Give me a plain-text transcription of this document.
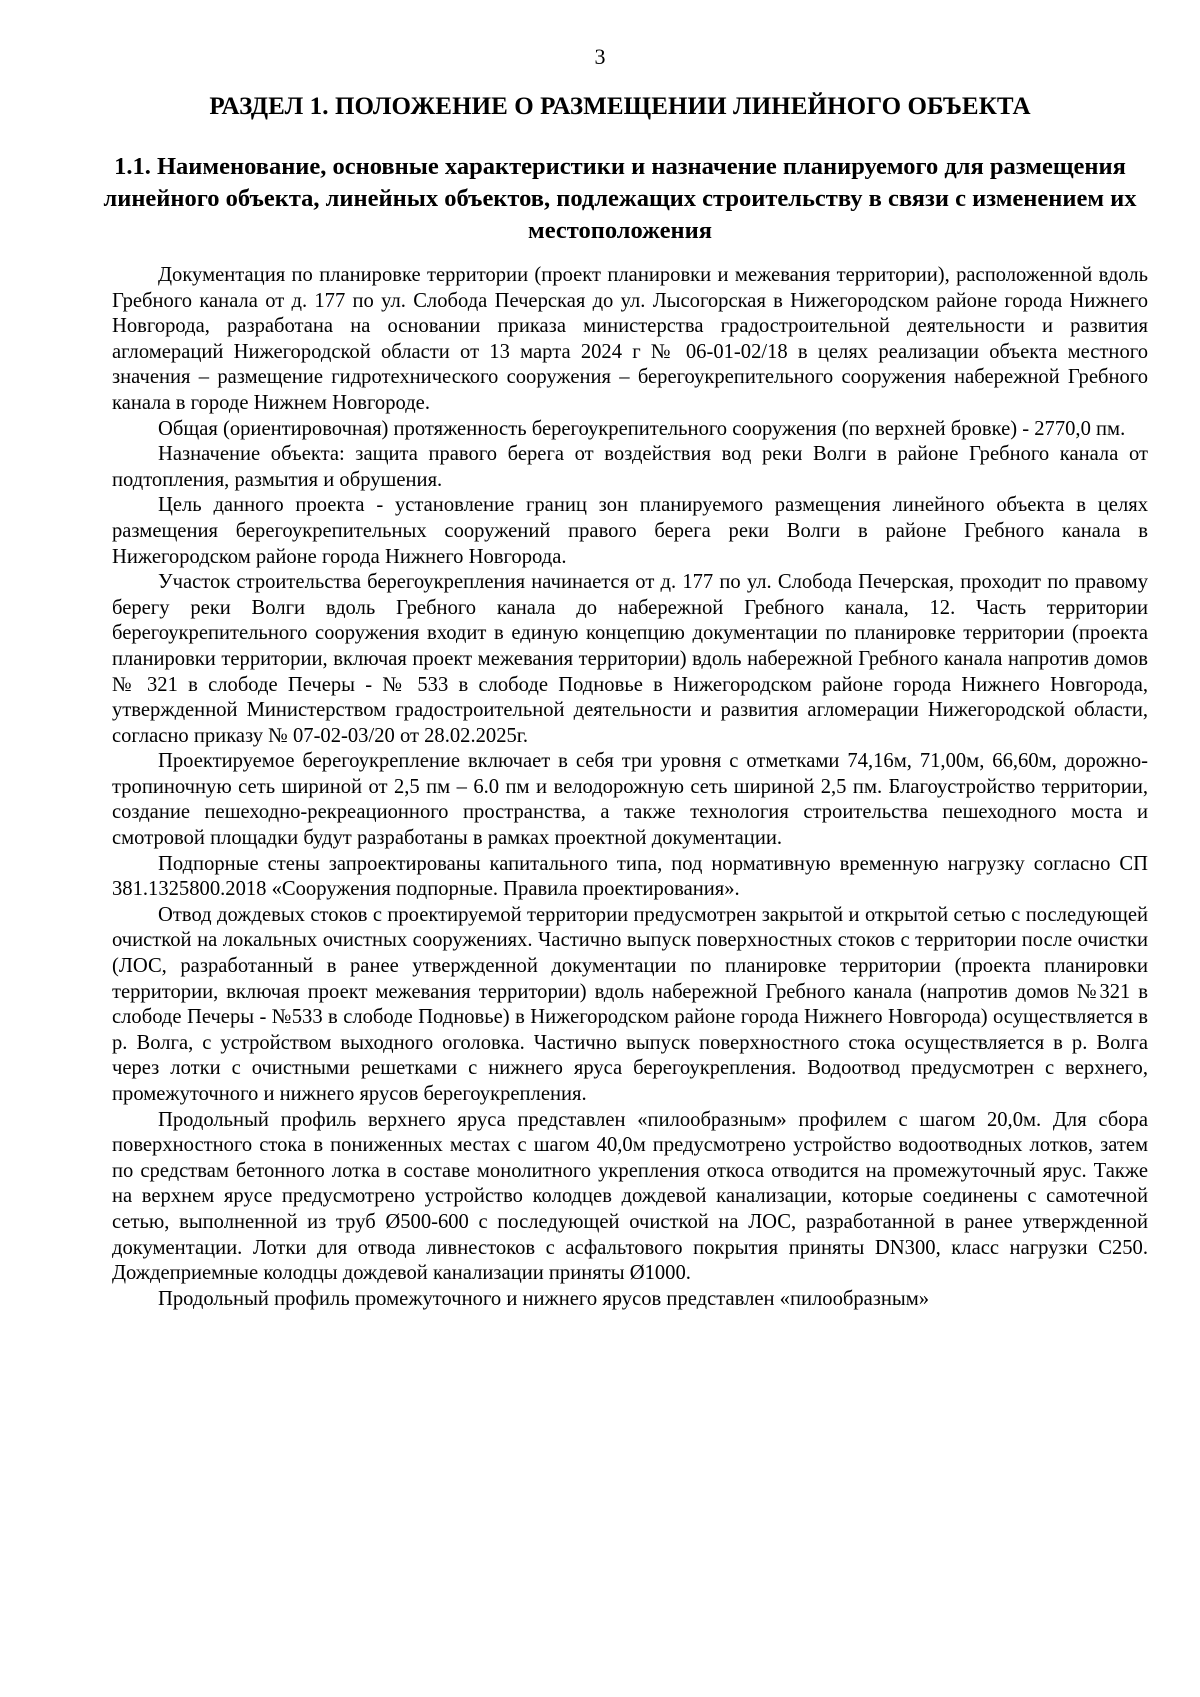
3
РАЗДЕЛ 1. ПОЛОЖЕНИЕ О РАЗМЕЩЕНИИ ЛИНЕЙНОГО ОБЪЕКТА
1.1. Наименование, основные характеристики и назначение планируемого для размещения линейного объекта, линейных объектов, подлежащих строительству в связи с изменением их местоположения

Документация по планировке территории (проект планировки и межевания территории), расположенной вдоль Гребного канала от д. 177 по ул. Слобода Печерская до ул. Лысогорская в Нижегородском районе города Нижнего Новгорода, разработана на основании приказа министерства градостроительной деятельности и развития агломераций Нижегородской области от 13 марта 2024 г № 06-01-02/18 в целях реализации объекта местного значения – размещение гидротехнического сооружения – берегоукрепительного сооружения набережной Гребного канала в городе Нижнем Новгороде.

Общая (ориентировочная) протяженность берегоукрепительного сооружения (по верхней бровке) - 2770,0 пм.

Назначение объекта: защита правого берега от воздействия вод реки Волги в районе Гребного канала от подтопления, размытия и обрушения.

Цель данного проекта - установление границ зон планируемого размещения линейного объекта в целях размещения берегоукрепительных сооружений правого берега реки Волги в районе Гребного канала в Нижегородском районе города Нижнего Новгорода.

Участок строительства берегоукрепления начинается от д. 177 по ул. Слобода Печерская, проходит по правому берегу реки Волги вдоль Гребного канала до набережной Гребного канала, 12. Часть территории берегоукрепительного сооружения входит в единую концепцию документации по планировке территории (проекта планировки территории, включая проект межевания территории) вдоль набережной Гребного канала напротив домов № 321 в слободе Печеры - № 533 в слободе Подновье в Нижегородском районе города Нижнего Новгорода, утвержденной Министерством градостроительной деятельности и развития агломерации Нижегородской области, согласно приказу № 07-02-03/20 от 28.02.2025г.

Проектируемое берегоукрепление включает в себя три уровня с отметками 74,16м, 71,00м, 66,60м, дорожно-тропиночную сеть шириной от 2,5 пм – 6.0 пм и велодорожную сеть шириной 2,5 пм. Благоустройство территории, создание пешеходно-рекреационного пространства, а также технология строительства пешеходного моста и смотровой площадки будут разработаны в рамках проектной документации.

Подпорные стены запроектированы капитального типа, под нормативную временную нагрузку согласно СП 381.1325800.2018 «Сооружения подпорные. Правила проектирования».

Отвод дождевых стоков с проектируемой территории предусмотрен закрытой и открытой сетью с последующей очисткой на локальных очистных сооружениях. Частично выпуск поверхностных стоков с территории после очистки (ЛОС, разработанный в ранее утвержденной документации по планировке территории (проекта планировки территории, включая проект межевания территории) вдоль набережной Гребного канала (напротив домов №321 в слободе Печеры - №533 в слободе Подновье) в Нижегородском районе города Нижнего Новгорода) осуществляется в р. Волга, с устройством выходного оголовка. Частично выпуск поверхностного стока осуществляется в р. Волга через лотки с очистными решетками с нижнего яруса берегоукрепления. Водоотвод предусмотрен с верхнего, промежуточного и нижнего ярусов берегоукрепления.

Продольный профиль верхнего яруса представлен «пилообразным» профилем с шагом 20,0м. Для сбора поверхностного стока в пониженных местах с шагом 40,0м предусмотрено устройство водоотводных лотков, затем по средствам бетонного лотка в составе монолитного укрепления откоса отводится на промежуточный ярус. Также на верхнем ярусе предусмотрено устройство колодцев дождевой канализации, которые соединены с самотечной сетью, выполненной из труб Ø500-600 с последующей очисткой на ЛОС, разработанной в ранее утвержденной документации. Лотки для отвода ливнестоков с асфальтового покрытия приняты DN300, класс нагрузки С250. Дождеприемные колодцы дождевой канализации приняты Ø1000.

Продольный профиль промежуточного и нижнего ярусов представлен «пилообразным»
